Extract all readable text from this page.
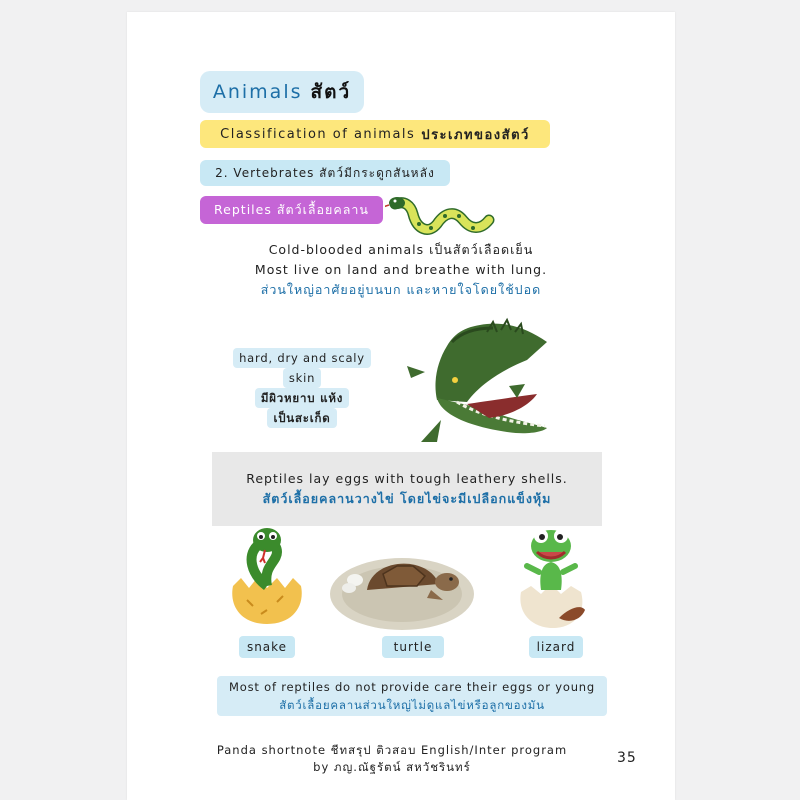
Animals สัตว์
Classification of animals ประเภทของสัตว์
2. Vertebrates สัตว์มีกระดูกสันหลัง
Reptiles สัตว์เลื้อยคลาน
Cold-blooded animals เป็นสัตว์เลือดเย็น
Most live on land and breathe with lung.
ส่วนใหญ่อาศัยอยู่บนบก และหายใจโดยใช้ปอด
hard, dry and scaly
skin
มีผิวหยาบ แห้ง
เป็นสะเก็ด
Reptiles lay eggs with tough leathery shells.
สัตว์เลื้อยคลานวางไข่ โดยไข่จะมีเปลือกแข็งหุ้ม
snake	turtle	lizard
Most of reptiles do not provide care their eggs or young
สัตว์เลื้อยคลานส่วนใหญ่ไม่ดูแลไข่หรือลูกของมัน
Panda shortnote ชีทสรุป ติวสอบ English/Inter program
by ภญ.ณัฐรัตน์ สหวัชรินทร์
35
